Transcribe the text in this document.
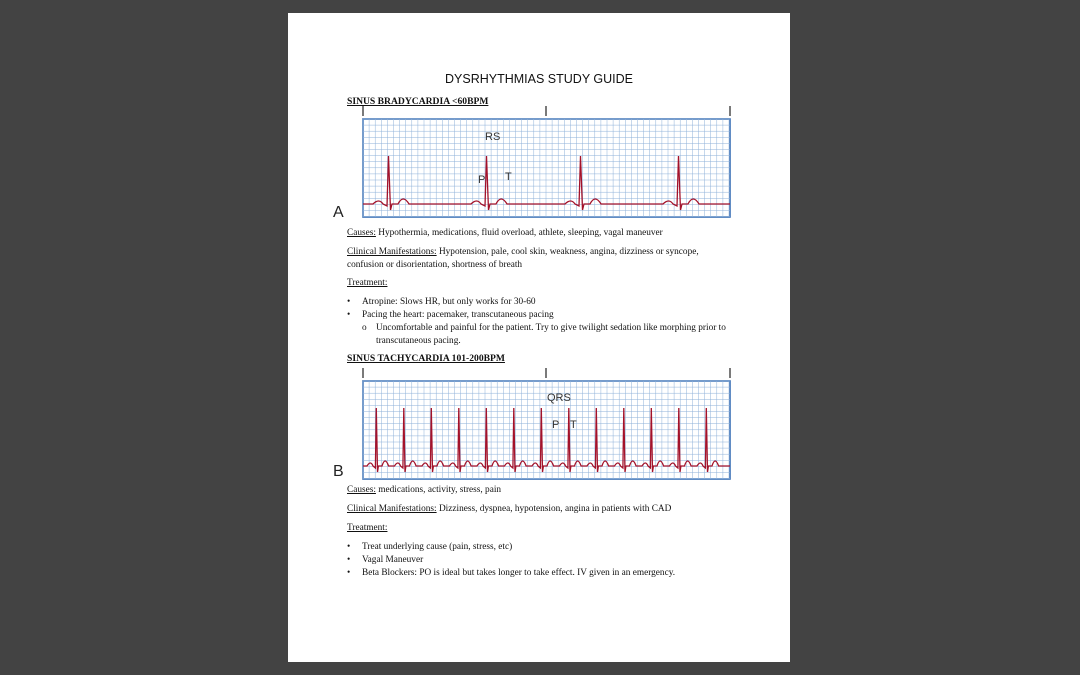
DYSRHYTHMIAS STUDY GUIDE
SINUS BRADYCARDIA <60BPM
A
RS
P T
Causes: Hypothermia, medications, fluid overload, athlete, sleeping, vagal maneuver
Clinical Manifestations: Hypotension, pale, cool skin, weakness, angina, dizziness or syncope, confusion or disorientation, shortness of breath
Treatment:
• Atropine: Slows HR, but only works for 30-60
• Pacing the heart: pacemaker, transcutaneous pacing
o Uncomfortable and painful for the patient. Try to give twilight sedation like morphing prior to transcutaneous pacing.
SINUS TACHYCARDIA 101-200BPM
B
QRS
P T
Causes: medications, activity, stress, pain
Clinical Manifestations: Dizziness, dyspnea, hypotension, angina in patients with CAD
Treatment:
• Treat underlying cause (pain, stress, etc)
• Vagal Maneuver
• Beta Blockers: PO is ideal but takes longer to take effect. IV given in an emergency.
